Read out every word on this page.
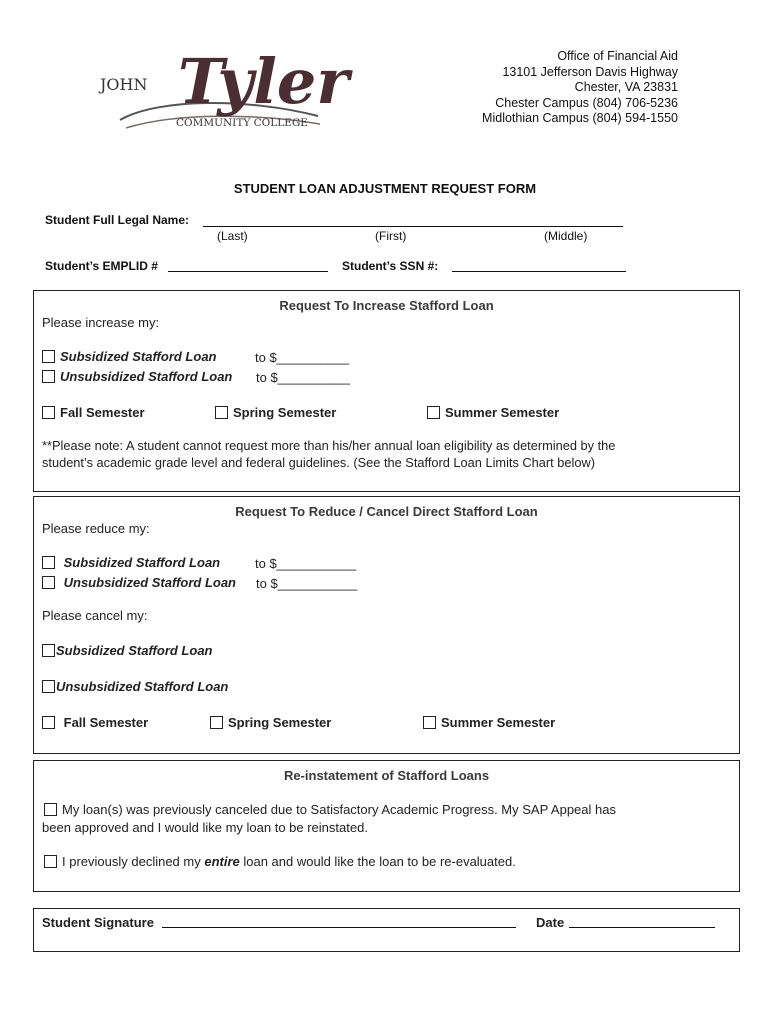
Tyler
JOHN
COMMUNITY COLLEGE
Office of Financial Aid
13101 Jefferson Davis Highway
Chester, VA 23831
Chester Campus (804) 706-5236
Midlothian Campus (804) 594-1550
STUDENT LOAN ADJUSTMENT REQUEST FORM
Student Full Legal Name:
(Last)	(First)	(Middle)
Student’s EMPLID #	Student’s SSN #:
Request To Increase Stafford Loan
Please increase my:
Subsidized Stafford Loan	to $__________
Unsubsidized Stafford Loan to $__________
Fall Semester	Spring Semester	Summer Semester
**Please note: A student cannot request more than his/her annual loan eligibility as determined by the
student’s academic grade level and federal guidelines. (See the Stafford Loan Limits Chart below)
Request To Reduce / Cancel Direct Stafford Loan
Please reduce my:
Subsidized Stafford Loan	to $___________
Unsubsidized Stafford Loan to $___________
Please cancel my:
Subsidized Stafford Loan
Unsubsidized Stafford Loan
Fall Semester	Spring Semester	Summer Semester
Re-instatement of Stafford Loans
My loan(s) was previously canceled due to Satisfactory Academic Progress. My SAP Appeal has
been approved and I would like my loan to be reinstated.
I previously declined my entire loan and would like the loan to be re-evaluated.
Student Signature	Date
